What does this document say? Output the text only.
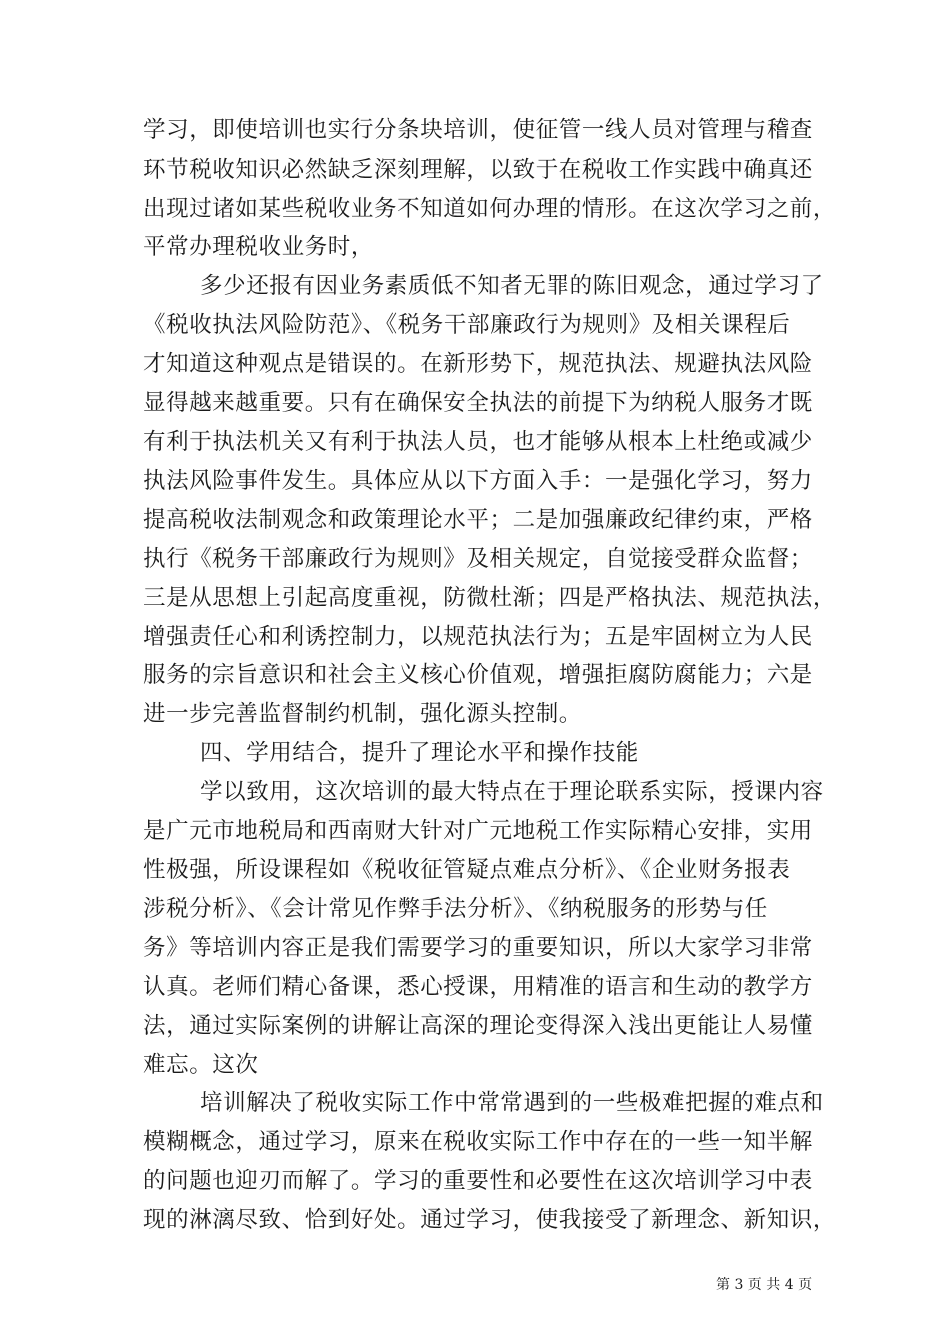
学习，即使培训也实行分条块培训，使征管一线人员对管理与稽查
环节税收知识必然缺乏深刻理解，以致于在税收工作实践中确真还
出现过诸如某些税收业务不知道如何办理的情形。在这次学习之前，
平常办理税收业务时，
多少还报有因业务素质低不知者无罪的陈旧观念，通过学习了
《税收执法风险防范》、《税务干部廉政行为规则》及相关课程后
才知道这种观点是错误的。在新形势下，规范执法、规避执法风险
显得越来越重要。只有在确保安全执法的前提下为纳税人服务才既
有利于执法机关又有利于执法人员，也才能够从根本上杜绝或减少
执法风险事件发生。具体应从以下方面入手：一是强化学习，努力
提高税收法制观念和政策理论水平；二是加强廉政纪律约束，严格
执行《税务干部廉政行为规则》及相关规定，自觉接受群众监督；
三是从思想上引起高度重视，防微杜渐；四是严格执法、规范执法，
增强责任心和利诱控制力，以规范执法行为；五是牢固树立为人民
服务的宗旨意识和社会主义核心价值观，增强拒腐防腐能力；六是
进一步完善监督制约机制，强化源头控制。
四、学用结合，提升了理论水平和操作技能
学以致用，这次培训的最大特点在于理论联系实际，授课内容
是广元市地税局和西南财大针对广元地税工作实际精心安排，实用
性极强，所设课程如《税收征管疑点难点分析》、《企业财务报表
涉税分析》、《会计常见作弊手法分析》、《纳税服务的形势与任
务》等培训内容正是我们需要学习的重要知识，所以大家学习非常
认真。老师们精心备课，悉心授课，用精准的语言和生动的教学方
法，通过实际案例的讲解让高深的理论变得深入浅出更能让人易懂
难忘。这次
培训解决了税收实际工作中常常遇到的一些极难把握的难点和
模糊概念，通过学习，原来在税收实际工作中存在的一些一知半解
的问题也迎刃而解了。学习的重要性和必要性在这次培训学习中表
现的淋漓尽致、恰到好处。通过学习，使我接受了新理念、新知识，
第 3 页 共 4 页
